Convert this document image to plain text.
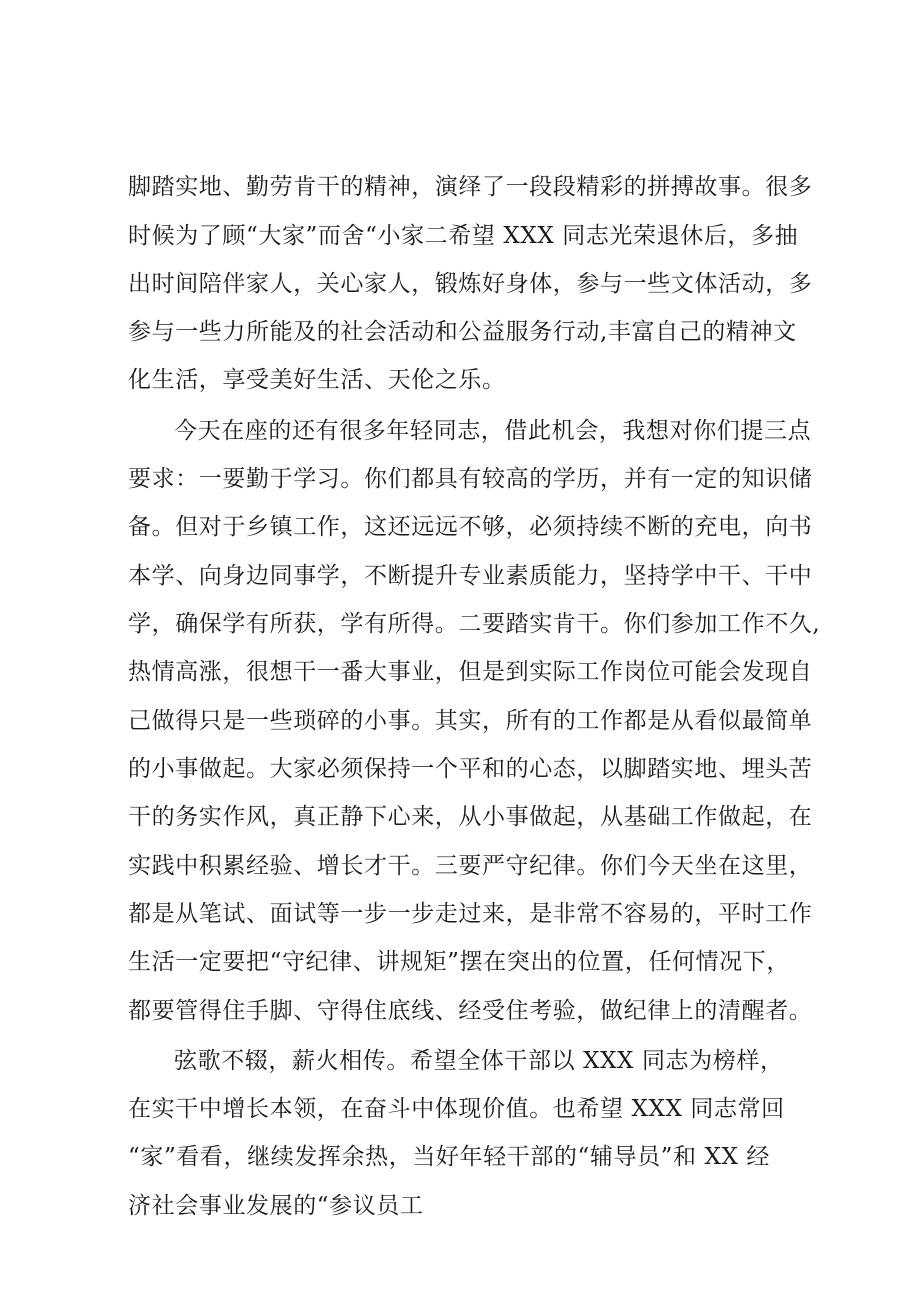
脚踏实地、勤劳肯干的精神，演绎了一段段精彩的拼搏故事。很多
时候为了顾“大家”而舍“小家二希望 XXX 同志光荣退休后，多抽
出时间陪伴家人，关心家人，锻炼好身体，参与一些文体活动，多
参与一些力所能及的社会活动和公益服务行动,丰富自己的精神文
化生活，享受美好生活、天伦之乐。
今天在座的还有很多年轻同志，借此机会，我想对你们提三点
要求：一要勤于学习。你们都具有较高的学历，并有一定的知识储
备。但对于乡镇工作，这还远远不够，必须持续不断的充电，向书
本学、向身边同事学，不断提升专业素质能力，坚持学中干、干中
学，确保学有所获，学有所得。二要踏实肯干。你们参加工作不久,
热情高涨，很想干一番大事业，但是到实际工作岗位可能会发现自
己做得只是一些琐碎的小事。其实，所有的工作都是从看似最简单
的小事做起。大家必须保持一个平和的心态，以脚踏实地、埋头苦
干的务实作风，真正静下心来，从小事做起，从基础工作做起，在
实践中积累经验、增长才干。三要严守纪律。你们今天坐在这里，
都是从笔试、面试等一步一步走过来，是非常不容易的，平时工作
生活一定要把“守纪律、讲规矩”摆在突出的位置，任何情况下，
都要管得住手脚、守得住底线、经受住考验，做纪律上的清醒者。
弦歌不辍，薪火相传。希望全体干部以 XXX 同志为榜样，
在实干中增长本领，在奋斗中体现价值。也希望 XXX 同志常回
“家”看看，继续发挥余热，当好年轻干部的“辅导员”和 XX 经
济社会事业发展的“参议员工
